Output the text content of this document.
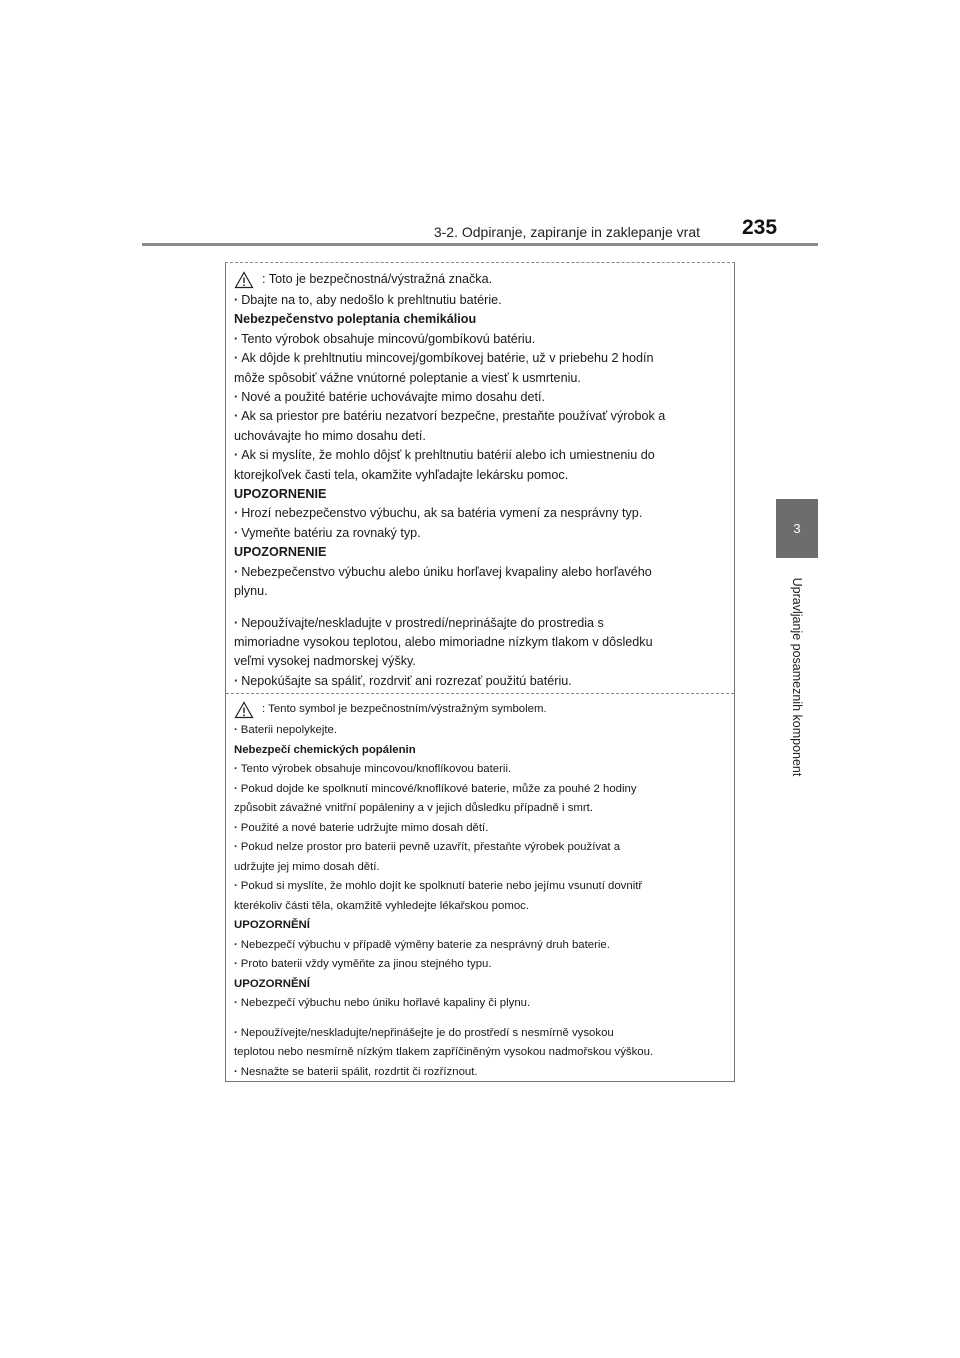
3-2. Odpiranje, zapiranje in zaklepanje vrat 235
3
Upravljanje posameznih komponent
: Toto je bezpečnostná/výstražná značka.
· Dbajte na to, aby nedošlo k prehltnutiu batérie.
Nebezpečenstvo poleptania chemikáliou
· Tento výrobok obsahuje mincovú/gombíkovú batériu.
· Ak dôjde k prehltnutiu mincovej/gombíkovej batérie, už v priebehu 2 hodín
môže spôsobiť vážne vnútorné poleptanie a viesť k usmrteniu.
· Nové a použité batérie uchovávajte mimo dosahu detí.
· Ak sa priestor pre batériu nezatvorí bezpečne, prestaňte používať výrobok a
uchovávajte ho mimo dosahu detí.
· Ak si myslíte, že mohlo dôjsť k prehltnutiu batérií alebo ich umiestneniu do
ktorejkoľvek časti tela, okamžite vyhľadajte lekársku pomoc.
UPOZORNENIE
· Hrozí nebezpečenstvo výbuchu, ak sa batéria vymení za nesprávny typ.
· Vymeňte batériu za rovnaký typ.
UPOZORNENIE
· Nebezpečenstvo výbuchu alebo úniku horľavej kvapaliny alebo horľavého
plynu.
· Nepoužívajte/neskladujte v prostredí/neprinášajte do prostredia s
mimoriadne vysokou teplotou, alebo mimoriadne nízkym tlakom v dôsledku
veľmi vysokej nadmorskej výšky.
· Nepokúšajte sa spáliť, rozdrviť ani rozrezať použitú batériu.
: Tento symbol je bezpečnostním/výstražným symbolem.
· Baterii nepolykejte.
Nebezpečí chemických popálenin
· Tento výrobek obsahuje mincovou/knoflíkovou baterii.
· Pokud dojde ke spolknutí mincové/knoflíkové baterie, může za pouhé 2 hodiny
způsobit závažné vnitřní popáleniny a v jejich důsledku případně i smrt.
· Použité a nové baterie udržujte mimo dosah dětí.
· Pokud nelze prostor pro baterii pevně uzavřít, přestaňte výrobek používat a
udržujte jej mimo dosah dětí.
· Pokud si myslíte, že mohlo dojít ke spolknutí baterie nebo jejímu vsunutí dovnitř
kterékoliv části těla, okamžitě vyhledejte lékařskou pomoc.
UPOZORNĚNÍ
· Nebezpečí výbuchu v případě výměny baterie za nesprávný druh baterie.
· Proto baterii vždy vyměňte za jinou stejného typu.
UPOZORNĚNÍ
· Nebezpečí výbuchu nebo úniku hořlavé kapaliny či plynu.
· Nepoužívejte/neskladujte/nepřinášejte je do prostředí s nesmírně vysokou
teplotou nebo nesmírně nízkým tlakem zapříčiněným vysokou nadmořskou výškou.
· Nesnažte se baterii spálit, rozdrtit či rozříznout.
